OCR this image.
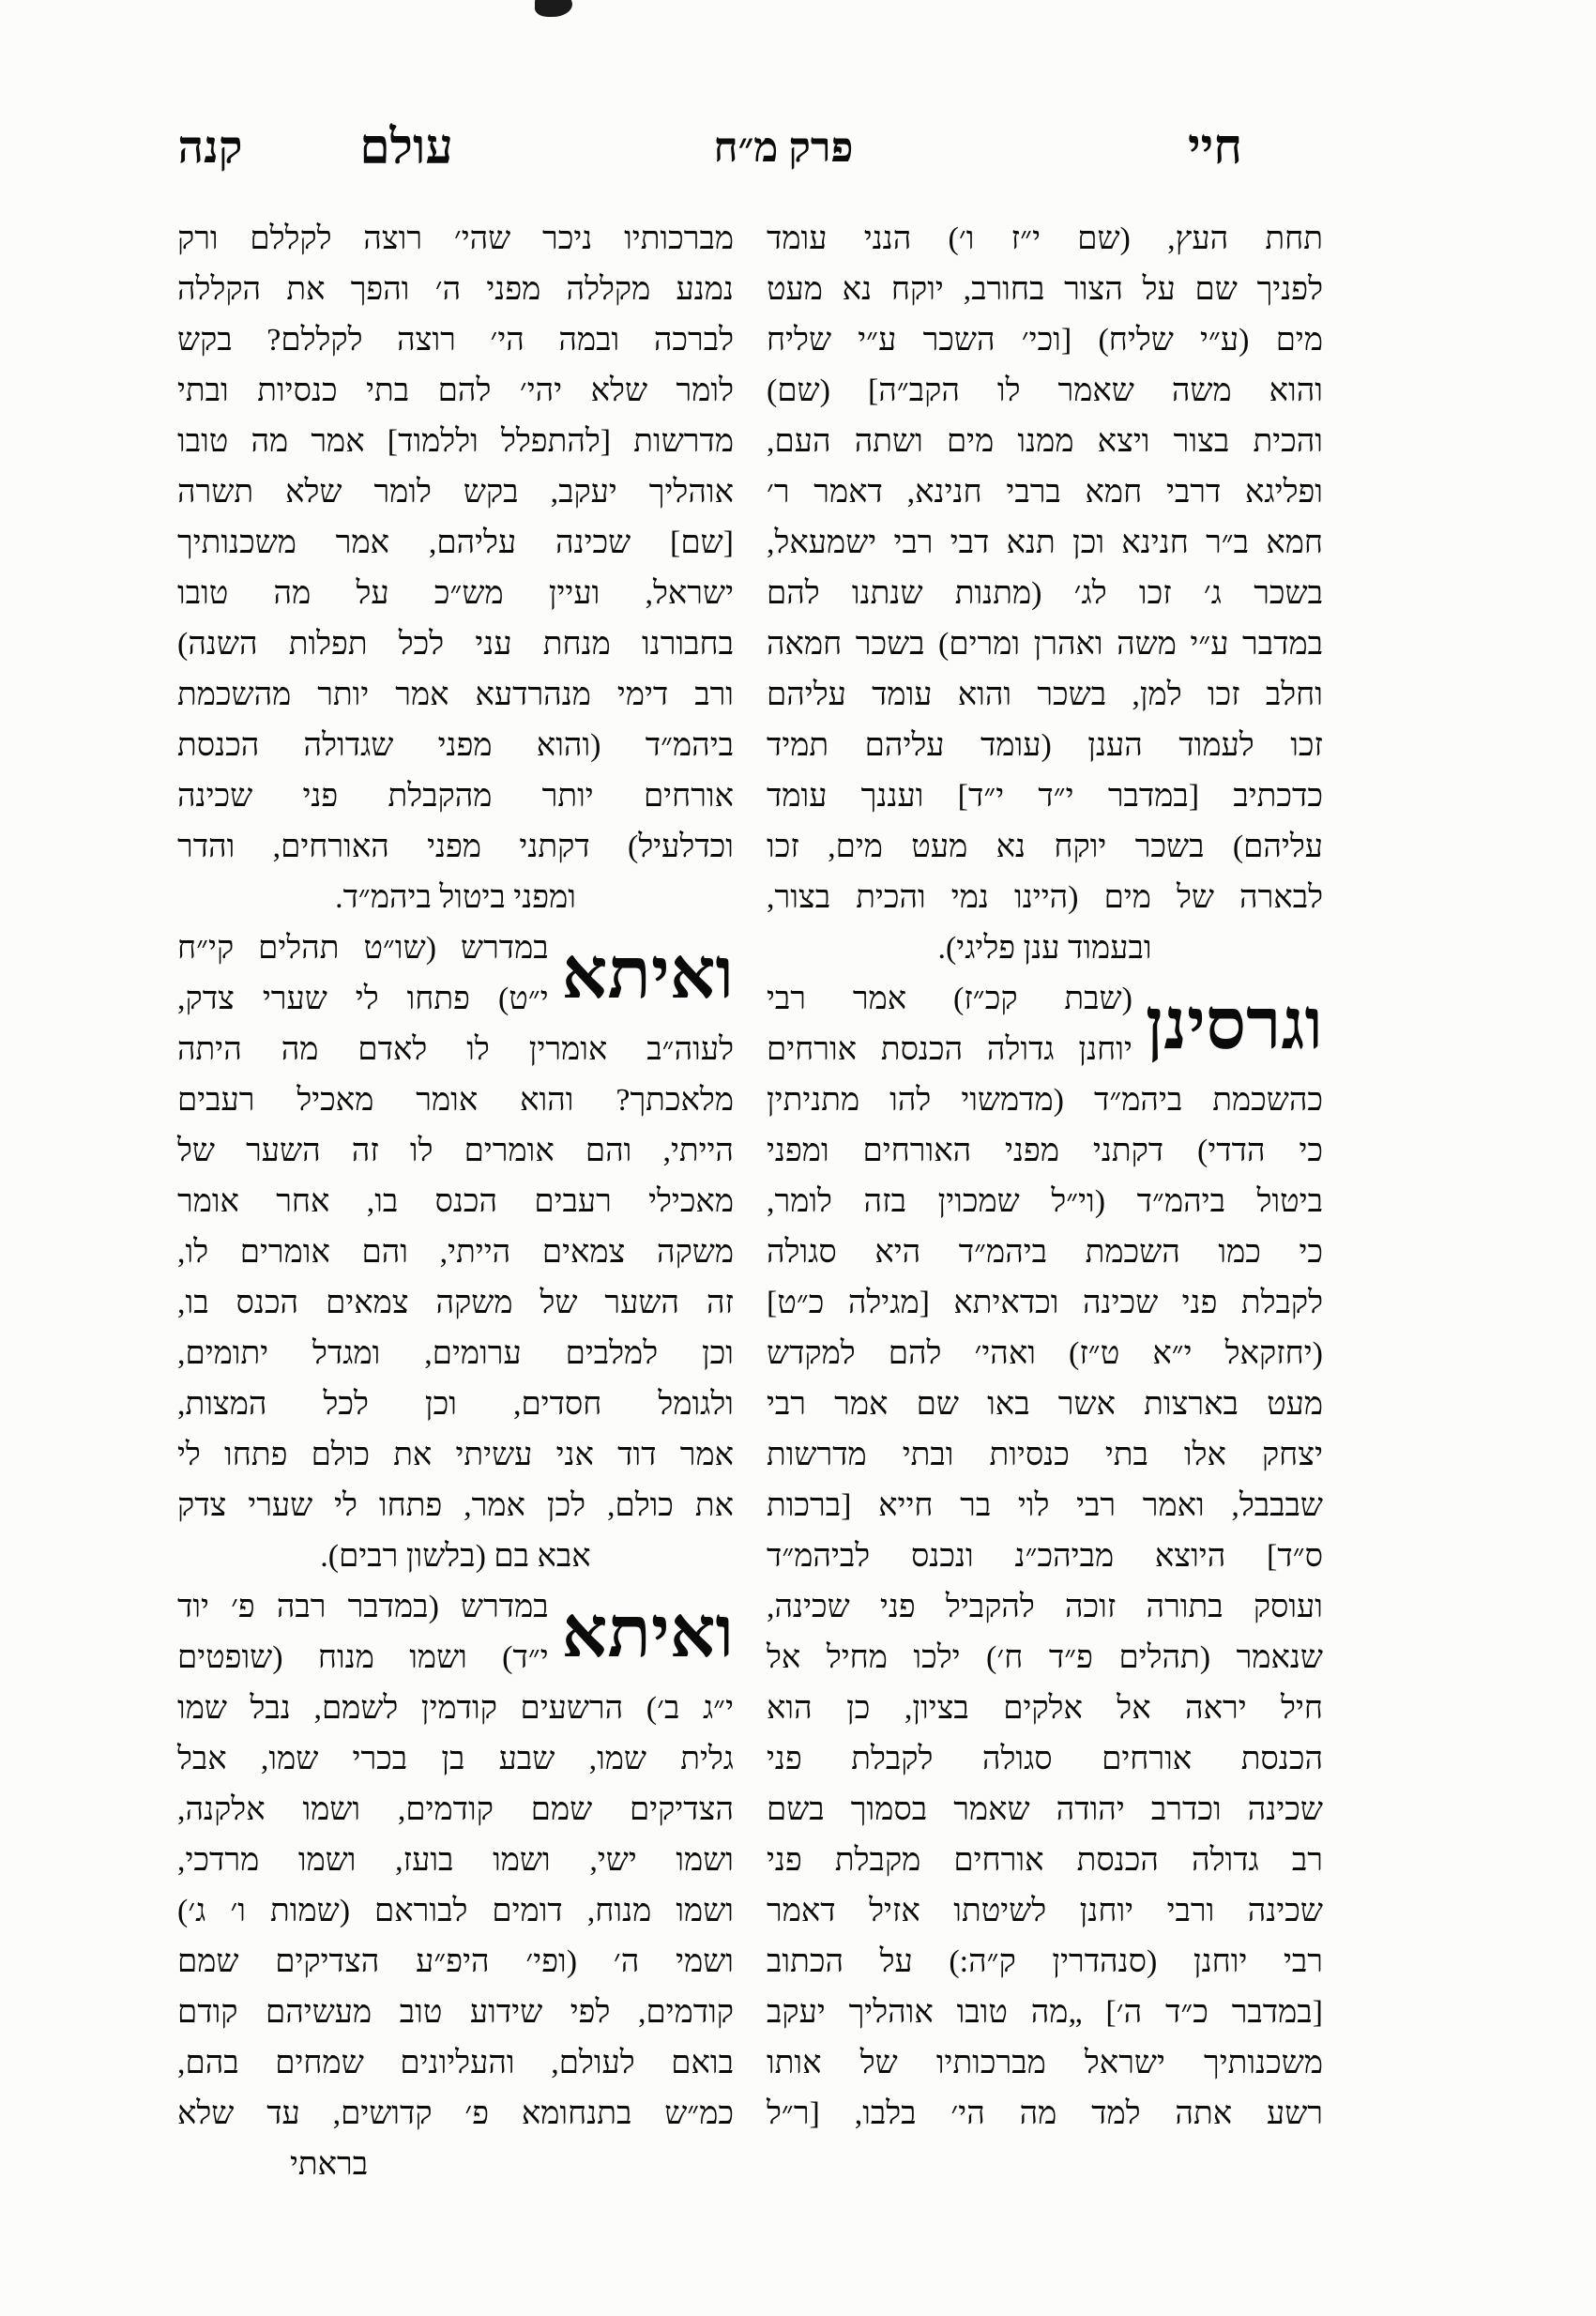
חיי
פרק מ״ח
עולם
קנה
תחת העץ, (שם י״ז ו׳) הנני עומד
לפניך שם על הצור בחורב, יוקח נא מעט
מים (ע״י שליח) [וכי׳ השכר ע״י שליח
והוא משה שאמר לו הקב״ה] (שם)
והכית בצור ויצא ממנו מים ושתה העם,
ופליגא דרבי חמא ברבי חנינא, דאמר ר׳
חמא ב״ר חנינא וכן תנא דבי רבי ישמעאל,
בשכר ג׳ זכו לג׳ (מתנות שנתנו להם
במדבר ע״י משה ואהרן ומרים) בשכר חמאה
וחלב זכו למן, בשכר והוא עומד עליהם
זכו לעמוד הענן (עומד עליהם תמיד
כדכתיב [במדבר י״ד י״ד] ועננך עומד
עליהם) בשכר יוקח נא מעט מים, זכו
לבארה של מים (היינו נמי והכית בצור,
ובעמוד ענן פליגי).
וגרסינן
(שבת קכ״ז) אמר רבי
יוחנן גדולה הכנסת אורחים
כהשכמת ביהמ״ד (מדמשוי להו מתניתין
כי הדדי) דקתני מפני האורחים ומפני
ביטול ביהמ״ד (וי״ל שמכוין בזה לומר,
כי כמו השכמת ביהמ״ד היא סגולה
לקבלת פני שכינה וכדאיתא [מגילה כ״ט]
(יחזקאל י״א ט״ז) ואהי׳ להם למקדש
מעט בארצות אשר באו שם אמר רבי
יצחק אלו בתי כנסיות ובתי מדרשות
שבבבל, ואמר רבי לוי בר חייא [ברכות
ס״ד] היוצא מביהכ״נ ונכנס לביהמ״ד
ועוסק בתורה זוכה להקביל פני שכינה,
שנאמר (תהלים פ״ד ח׳) ילכו מחיל אל
חיל יראה אל אלקים בציון, כן הוא
הכנסת אורחים סגולה לקבלת פני
שכינה וכדרב יהודה שאמר בסמוך בשם
רב גדולה הכנסת אורחים מקבלת פני
שכינה ורבי יוחנן לשיטתו אזיל דאמר
רבי יוחנן (סנהדרין ק״ה:) על הכתוב
[במדבר כ״ד ה׳] „מה טובו אוהליך יעקב
משכנותיך ישראל מברכותיו של אותו
רשע אתה למד מה הי׳ בלבו, [ר״ל
מברכותיו ניכר שהי׳ רוצה לקללם ורק
נמנע מקללה מפני ה׳ והפך את הקללה
לברכה ובמה הי׳ רוצה לקללם? בקש
לומר שלא יהי׳ להם בתי כנסיות ובתי
מדרשות [להתפלל וללמוד] אמר מה טובו
אוהליך יעקב, בקש לומר שלא תשרה
[שם] שכינה עליהם, אמר משכנותיך
ישראל, ועיין מש״כ על מה טובו
בחבורנו מנחת עני לכל תפלות השנה)
ורב דימי מנהרדעא אמר יותר מהשכמת
ביהמ״ד (והוא מפני שגדולה הכנסת
אורחים יותר מהקבלת פני שכינה
וכדלעיל) דקתני מפני האורחים, והדר
ומפני ביטול ביהמ״ד.
ואיתא
במדרש (שו״ט תהלים קי״ח
י״ט) פתחו לי שערי צדק,
לעוה״ב אומרין לו לאדם מה היתה
מלאכתך? והוא אומר מאכיל רעבים
הייתי, והם אומרים לו זה השער של
מאכילי רעבים הכנס בו, אחר אומר
משקה צמאים הייתי, והם אומרים לו,
זה השער של משקה צמאים הכנס בו,
וכן למלבים ערומים, ומגדל יתומים,
ולגומל חסדים, וכן לכל המצות,
אמר דוד אני עשיתי את כולם פתחו לי
את כולם, לכן אמר, פתחו לי שערי צדק
אבא בם (בלשון רבים).
ואיתא
במדרש (במדבר רבה פ׳ יוד
י״ד) ושמו מנוח (שופטים
י״ג ב׳) הרשעים קודמין לשמם, נבל שמו
גלית שמו, שבע בן בכרי שמו, אבל
הצדיקים שמם קודמים, ושמו אלקנה,
ושמו ישי, ושמו בועז, ושמו מרדכי,
ושמו מנוח, דומים לבוראם (שמות ו׳ ג׳)
ושמי ה׳ (ופי׳ היפ״ע הצדיקים שמם
קודמים, לפי שידוע טוב מעשיהם קודם
בואם לעולם, והעליונים שמחים בהם,
כמ״ש בתנחומא פ׳ קדושים, עד שלא
בראתי
